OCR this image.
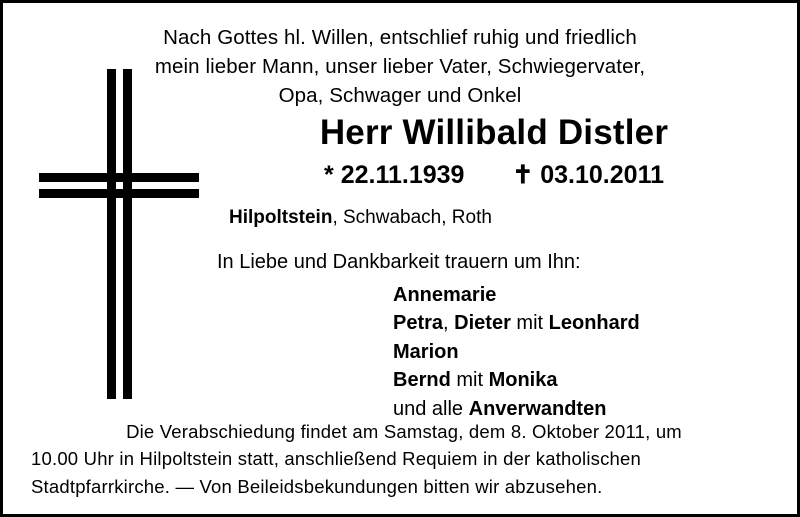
Nach Gottes hl. Willen, entschlief ruhig und friedlich
mein lieber Mann, unser lieber Vater, Schwiegervater,
Opa, Schwager und Onkel
Herr Willibald Distler
* 22.11.1939 ✝ 03.10.2011
Hilpoltstein, Schwabach, Roth
In Liebe und Dankbarkeit trauern um Ihn:
Annemarie
Petra, Dieter mit Leonhard
Marion
Bernd mit Monika
und alle Anverwandten
Die Verabschiedung findet am Samstag, dem 8. Oktober 2011, um
10.00 Uhr in Hilpoltstein statt, anschließend Requiem in der katholischen
Stadtpfarrkirche. — Von Beileidsbekundungen bitten wir abzusehen.
